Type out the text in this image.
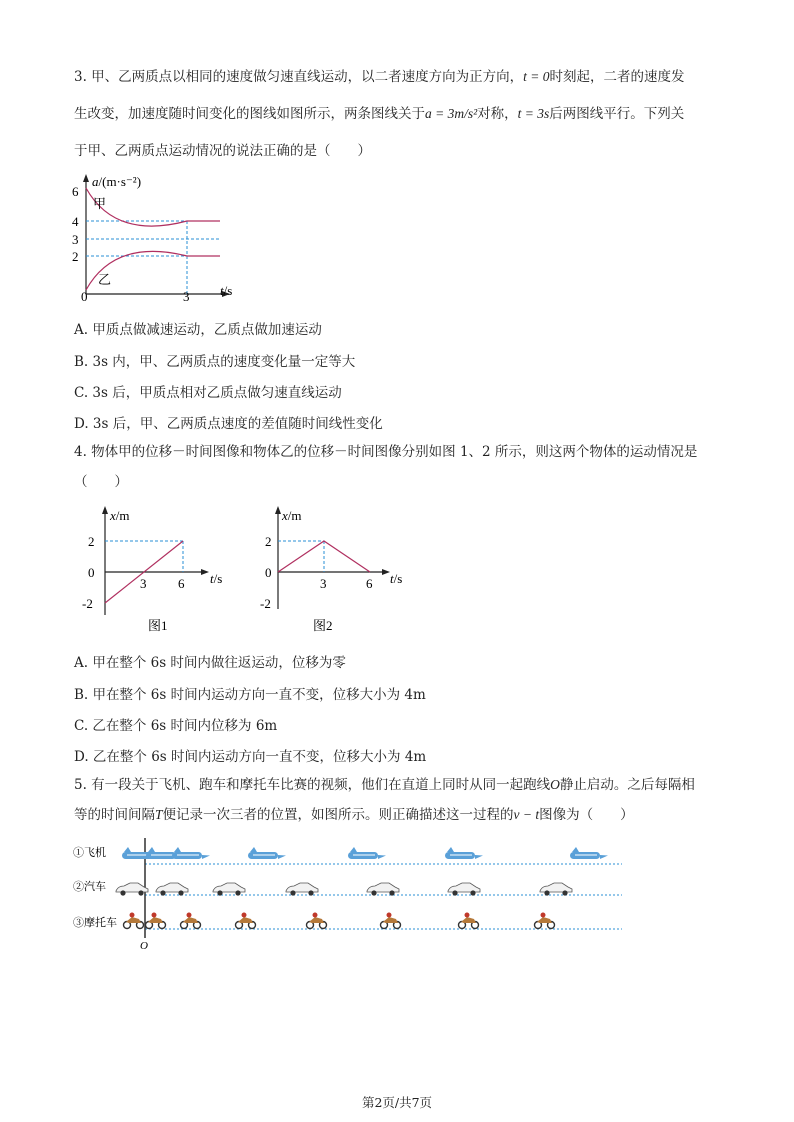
3. 甲、乙两质点以相同的速度做匀速直线运动，以二者速度方向为正方向，t = 0时刻起，二者的速度发
生改变，加速度随时间变化的图线如图所示，两条图线关于a = 3m/s²对称，t = 3s后两图线平行。下列关
于甲、乙两质点运动情况的说法正确的是（　　）
a/(m·s⁻²)
t/s
6
4
3
2
0	3
甲
乙
A. 甲质点做减速运动，乙质点做加速运动
B. 3s 内，甲、乙两质点的速度变化量一定等大
C. 3s 后，甲质点相对乙质点做匀速直线运动
D. 3s 后，甲、乙两质点速度的差值随时间线性变化
4. 物体甲的位移－时间图像和物体乙的位移－时间图像分别如图 1、2 所示，则这两个物体的运动情况是
（　　）
x/m
t/s
2
0
-2
3 6
图1
x/m
t/s
2
0
-2
3	6
图2
A. 甲在整个 6s 时间内做往返运动，位移为零
B. 甲在整个 6s 时间内运动方向一直不变，位移大小为 4m
C. 乙在整个 6s 时间内位移为 6m
D. 乙在整个 6s 时间内运动方向一直不变，位移大小为 4m
5. 有一段关于飞机、跑车和摩托车比赛的视频，他们在直道上同时从同一起跑线O静止启动。之后每隔相
等的时间间隔T便记录一次三者的位置，如图所示。则正确描述这一过程的v − t图像为（　　）
①飞机
②汽车
③摩托车
O
第2页/共7页
